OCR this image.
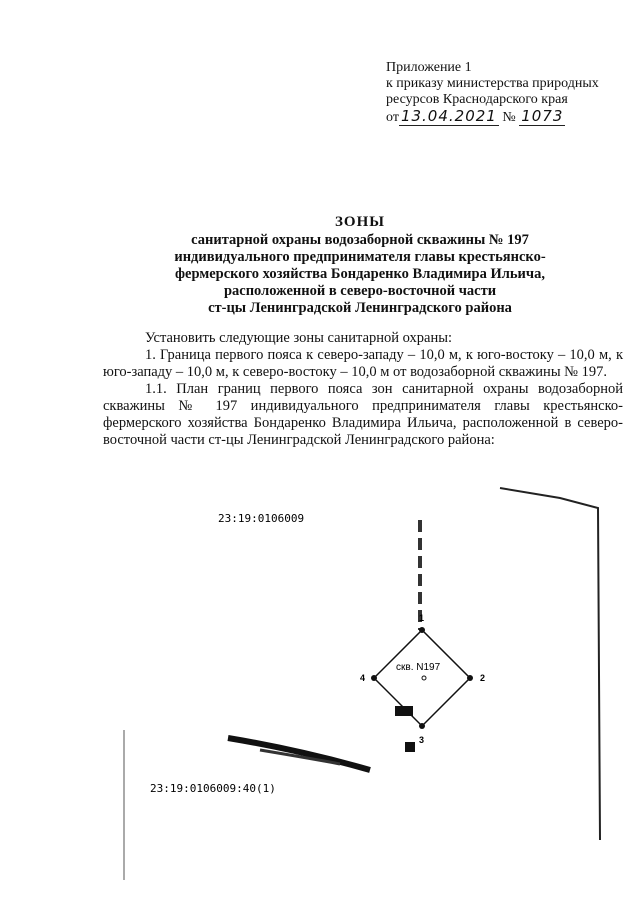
Приложение 1
к приказу министерства природных
ресурсов Краснодарского края
от 13.04.2021 № 1073
ЗОНЫ
санитарной охраны водозаборной скважины № 197
индивидуального предпринимателя главы крестьянско-
фермерского хозяйства Бондаренко Владимира Ильича,
расположенной в северо-восточной части
ст-цы Ленинградской Ленинградского района

Установить следующие зоны санитарной охраны:

1. Граница первого пояса к северо-западу – 10,0 м, к юго-востоку – 10,0 м, к юго-западу – 10,0 м, к северо-востоку – 10,0 м от водозаборной скважины № 197.

1.1. План границ первого пояса зон санитарной охраны водозаборной скважины № 197 индивидуального предпринимателя главы крестьянско-фермерского хозяйства Бондаренко Владимира Ильича, расположенной в северо-восточной части ст-цы Ленинградской Ленинградского района:

1
2
3
4
скв. N197
23:19:0106009
23:19:0106009:40(1)
